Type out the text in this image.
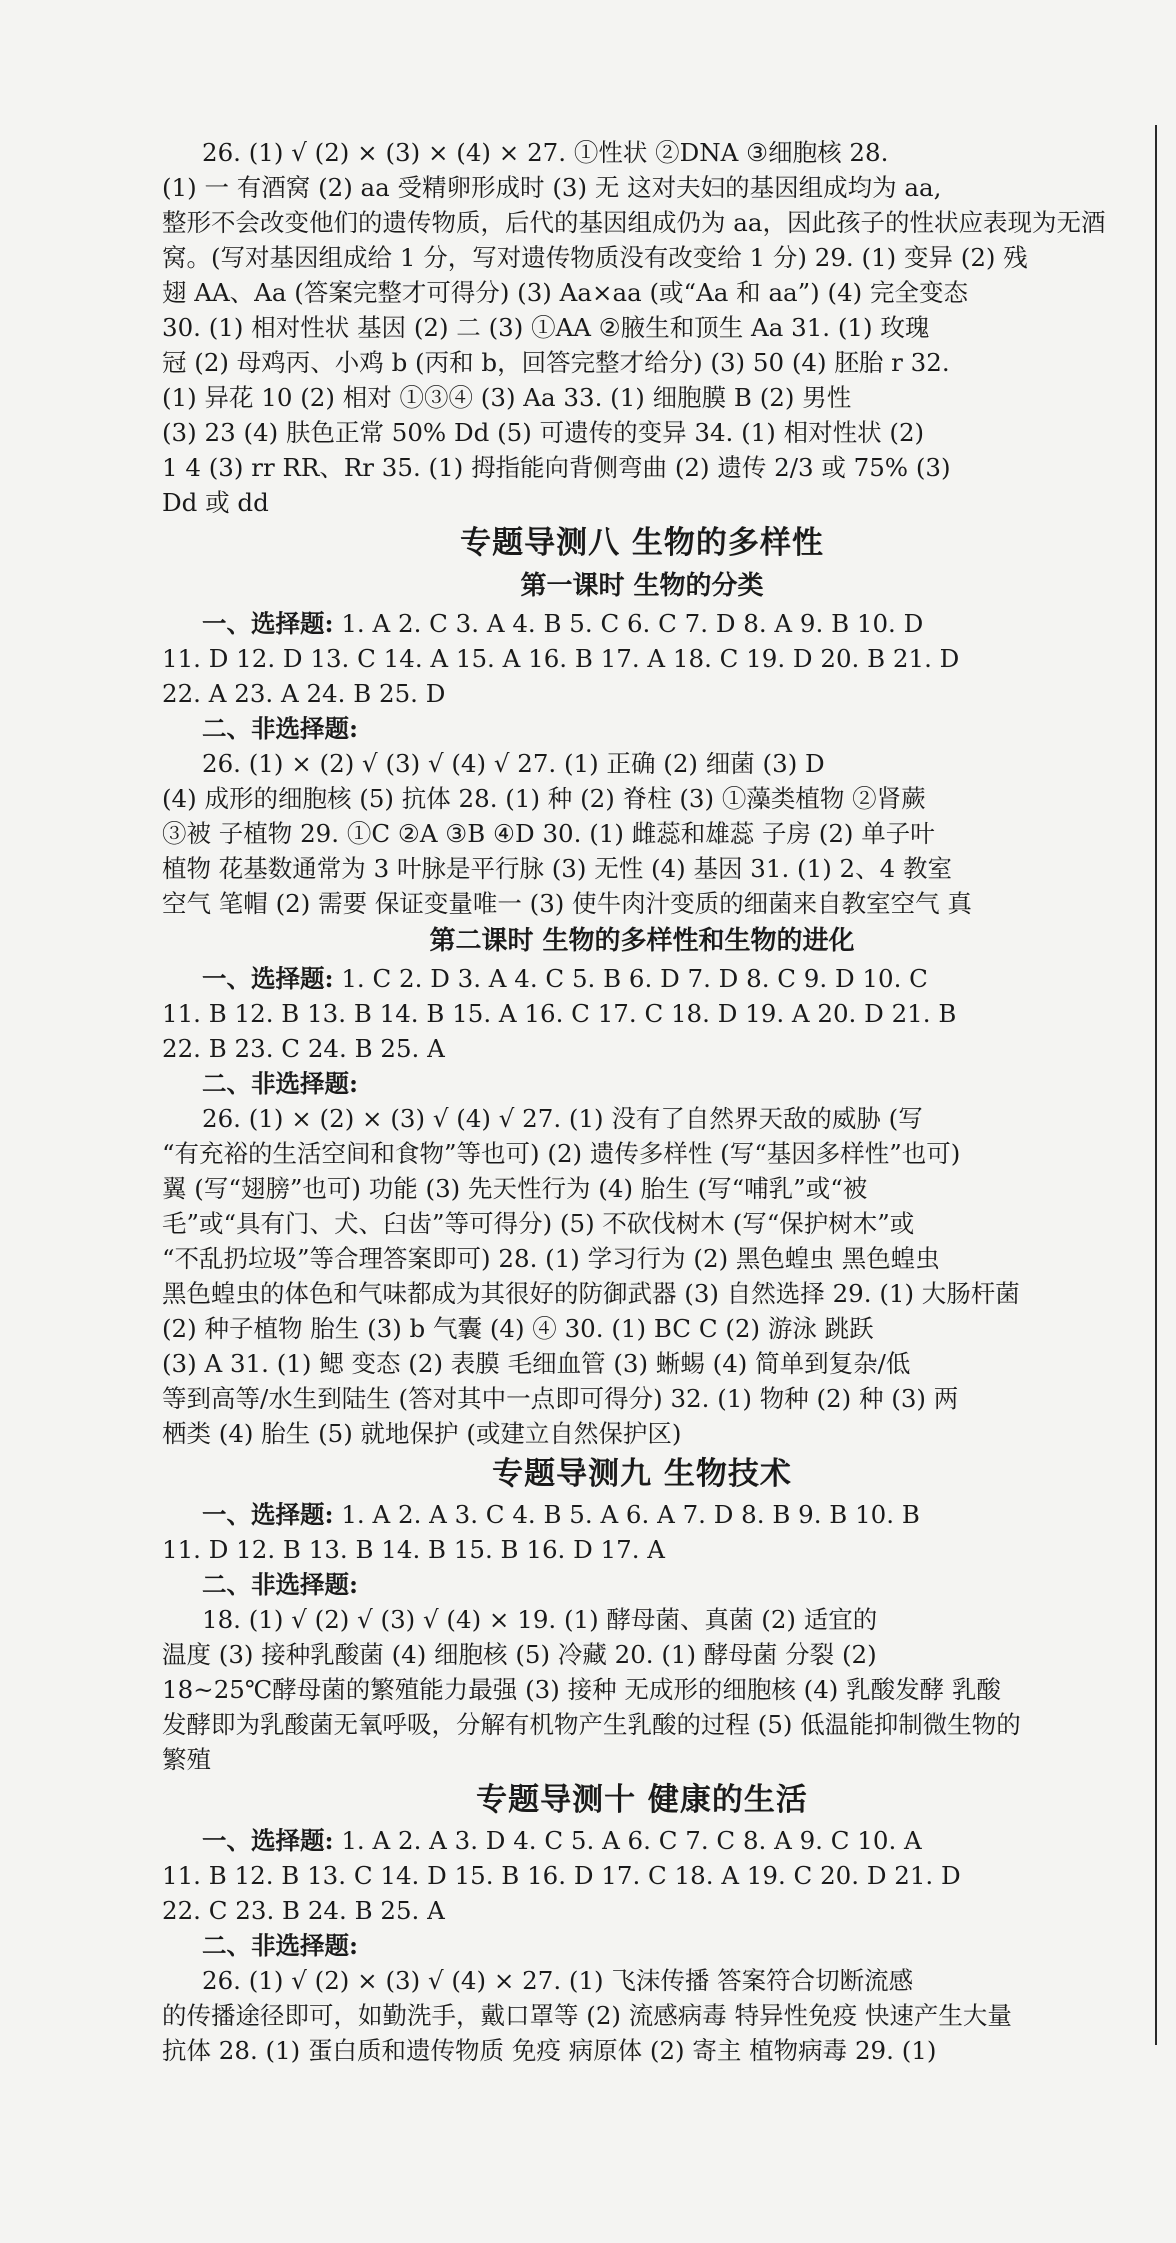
26. (1) √ (2) × (3) × (4) × 27. ①性状 ②DNA ③细胞核 28.
(1) 一 有酒窝 (2) aa 受精卵形成时 (3) 无 这对夫妇的基因组成均为 aa,
整形不会改变他们的遗传物质，后代的基因组成仍为 aa，因此孩子的性状应表现为无酒
窝。(写对基因组成给 1 分，写对遗传物质没有改变给 1 分) 29. (1) 变异 (2) 残
翅 AA、Aa (答案完整才可得分) (3) Aa×aa (或“Aa 和 aa”) (4) 完全变态
30. (1) 相对性状 基因 (2) 二 (3) ①AA ②腋生和顶生 Aa 31. (1) 玫瑰
冠 (2) 母鸡丙、小鸡 b (丙和 b，回答完整才给分) (3) 50 (4) 胚胎 r 32.
(1) 异花 10 (2) 相对 ①③④ (3) Aa 33. (1) 细胞膜 B (2) 男性
(3) 23 (4) 肤色正常 50% Dd (5) 可遗传的变异 34. (1) 相对性状 (2)
1 4 (3) rr RR、Rr 35. (1) 拇指能向背侧弯曲 (2) 遗传 2/3 或 75% (3)
Dd 或 dd
专题导测八 生物的多样性
第一课时 生物的分类
一、选择题: 1. A 2. C 3. A 4. B 5. C 6. C 7. D 8. A 9. B 10. D
11. D 12. D 13. C 14. A 15. A 16. B 17. A 18. C 19. D 20. B 21. D
22. A 23. A 24. B 25. D
二、非选择题:
26. (1) × (2) √ (3) √ (4) √ 27. (1) 正确 (2) 细菌 (3) D
(4) 成形的细胞核 (5) 抗体 28. (1) 种 (2) 脊柱 (3) ①藻类植物 ②肾蕨
③被 子植物 29. ①C ②A ③B ④D 30. (1) 雌蕊和雄蕊 子房 (2) 单子叶
植物 花基数通常为 3 叶脉是平行脉 (3) 无性 (4) 基因 31. (1) 2、4 教室
空气 笔帽 (2) 需要 保证变量唯一 (3) 使牛肉汁变质的细菌来自教室空气 真
第二课时 生物的多样性和生物的进化
一、选择题: 1. C 2. D 3. A 4. C 5. B 6. D 7. D 8. C 9. D 10. C
11. B 12. B 13. B 14. B 15. A 16. C 17. C 18. D 19. A 20. D 21. B
22. B 23. C 24. B 25. A
二、非选择题:
26. (1) × (2) × (3) √ (4) √ 27. (1) 没有了自然界天敌的威胁 (写
“有充裕的生活空间和食物”等也可) (2) 遗传多样性 (写“基因多样性”也可)
翼 (写“翅膀”也可) 功能 (3) 先天性行为 (4) 胎生 (写“哺乳”或“被
毛”或“具有门、犬、臼齿”等可得分) (5) 不砍伐树木 (写“保护树木”或
“不乱扔垃圾”等合理答案即可) 28. (1) 学习行为 (2) 黑色蝗虫 黑色蝗虫
黑色蝗虫的体色和气味都成为其很好的防御武器 (3) 自然选择 29. (1) 大肠杆菌
(2) 种子植物 胎生 (3) b 气囊 (4) ④ 30. (1) BC C (2) 游泳 跳跃
(3) A 31. (1) 鳃 变态 (2) 表膜 毛细血管 (3) 蜥蜴 (4) 简单到复杂/低
等到高等/水生到陆生 (答对其中一点即可得分) 32. (1) 物种 (2) 种 (3) 两
栖类 (4) 胎生 (5) 就地保护 (或建立自然保护区)
专题导测九 生物技术
一、选择题: 1. A 2. A 3. C 4. B 5. A 6. A 7. D 8. B 9. B 10. B
11. D 12. B 13. B 14. B 15. B 16. D 17. A
二、非选择题:
18. (1) √ (2) √ (3) √ (4) × 19. (1) 酵母菌、真菌 (2) 适宜的
温度 (3) 接种乳酸菌 (4) 细胞核 (5) 冷藏 20. (1) 酵母菌 分裂 (2)
18~25℃酵母菌的繁殖能力最强 (3) 接种 无成形的细胞核 (4) 乳酸发酵 乳酸
发酵即为乳酸菌无氧呼吸，分解有机物产生乳酸的过程 (5) 低温能抑制微生物的
繁殖
专题导测十 健康的生活
一、选择题: 1. A 2. A 3. D 4. C 5. A 6. C 7. C 8. A 9. C 10. A
11. B 12. B 13. C 14. D 15. B 16. D 17. C 18. A 19. C 20. D 21. D
22. C 23. B 24. B 25. A
二、非选择题:
26. (1) √ (2) × (3) √ (4) × 27. (1) 飞沫传播 答案符合切断流感
的传播途径即可，如勤洗手，戴口罩等 (2) 流感病毒 特异性免疫 快速产生大量
抗体 28. (1) 蛋白质和遗传物质 免疫 病原体 (2) 寄主 植物病毒 29. (1)
